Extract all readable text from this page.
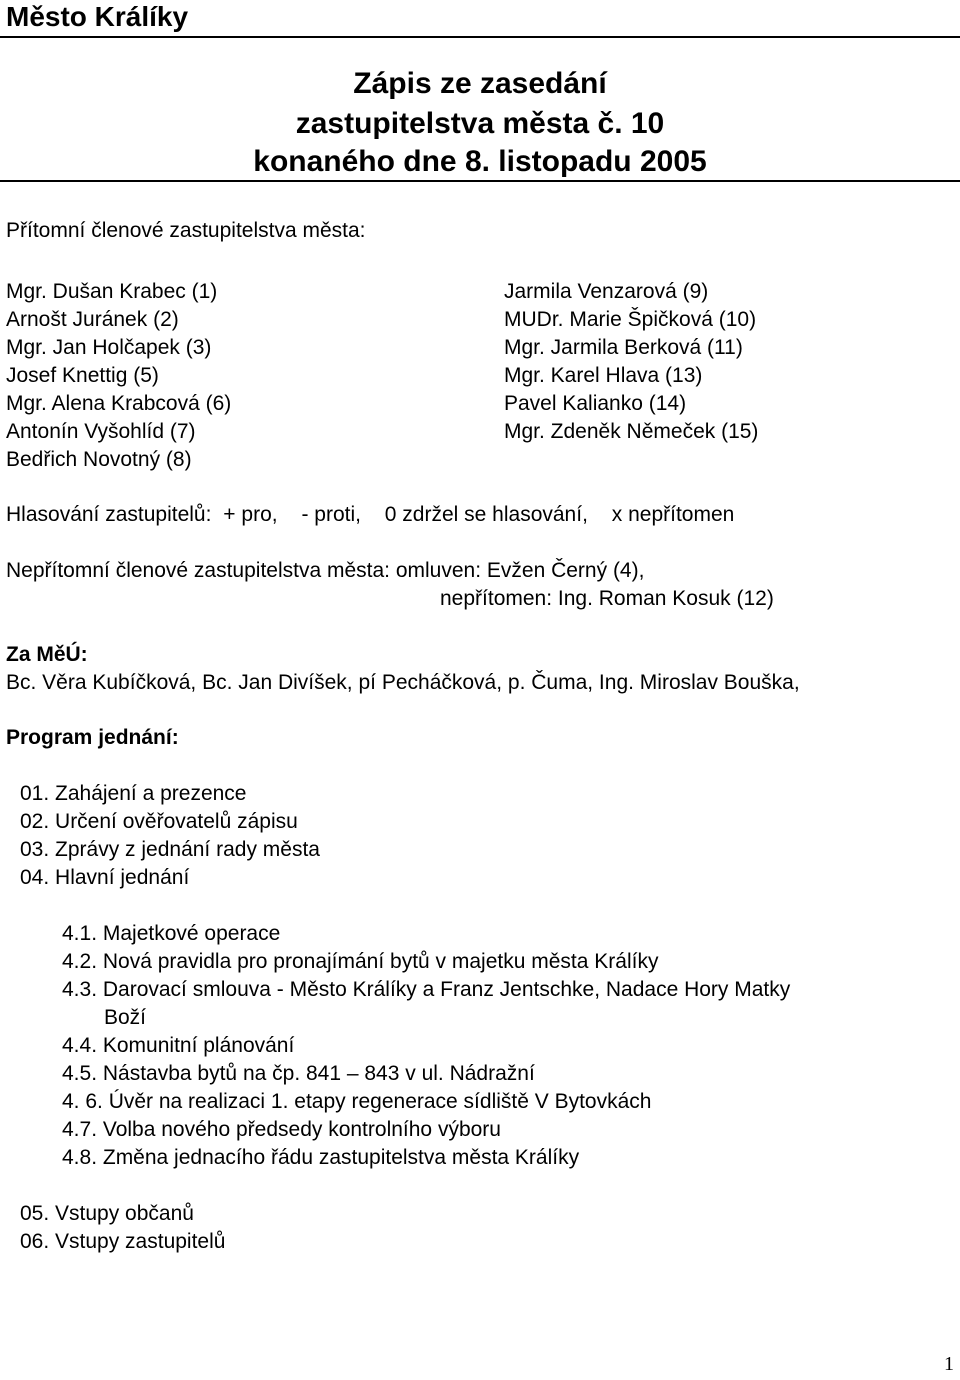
Město Králíky
Zápis ze zasedání
zastupitelstva města č. 10
konaného dne 8. listopadu 2005
Přítomní členové zastupitelstva města:
Mgr. Dušan Krabec (1)
Arnošt Juránek (2)
Mgr. Jan Holčapek (3)
Josef Knettig (5)
Mgr. Alena Krabcová (6)
Antonín Vyšohlíd (7)
Bedřich Novotný (8)
Jarmila Venzarová (9)
MUDr. Marie Špičková (10)
Mgr. Jarmila Berková (11)
Mgr. Karel Hlava (13)
Pavel Kalianko (14)
Mgr. Zdeněk Němeček (15)
Hlasování zastupitelů: + pro, - proti, 0 zdržel se hlasování, x nepřítomen
Nepřítomní členové zastupitelstva města: omluven: Evžen Černý (4),
nepřítomen: Ing. Roman Kosuk (12)
Za MěÚ:
Bc. Věra Kubíčková, Bc. Jan Divíšek, pí Pecháčková, p. Čuma, Ing. Miroslav Bouška,
Program jednání:
01. Zahájení a prezence
02. Určení ověřovatelů zápisu
03. Zprávy z jednání rady města
04. Hlavní jednání
4.1. Majetkové operace
4.2. Nová pravidla pro pronajímání bytů v majetku města Králíky
4.3. Darovací smlouva - Město Králíky a Franz Jentschke, Nadace Hory Matky
Boží
4.4. Komunitní plánování
4.5. Nástavba bytů na čp. 841 – 843 v ul. Nádražní
4. 6. Úvěr na realizaci 1. etapy regenerace sídliště V Bytovkách
4.7. Volba nového předsedy kontrolního výboru
4.8. Změna jednacího řádu zastupitelstva města Králíky
05. Vstupy občanů
06. Vstupy zastupitelů
1
